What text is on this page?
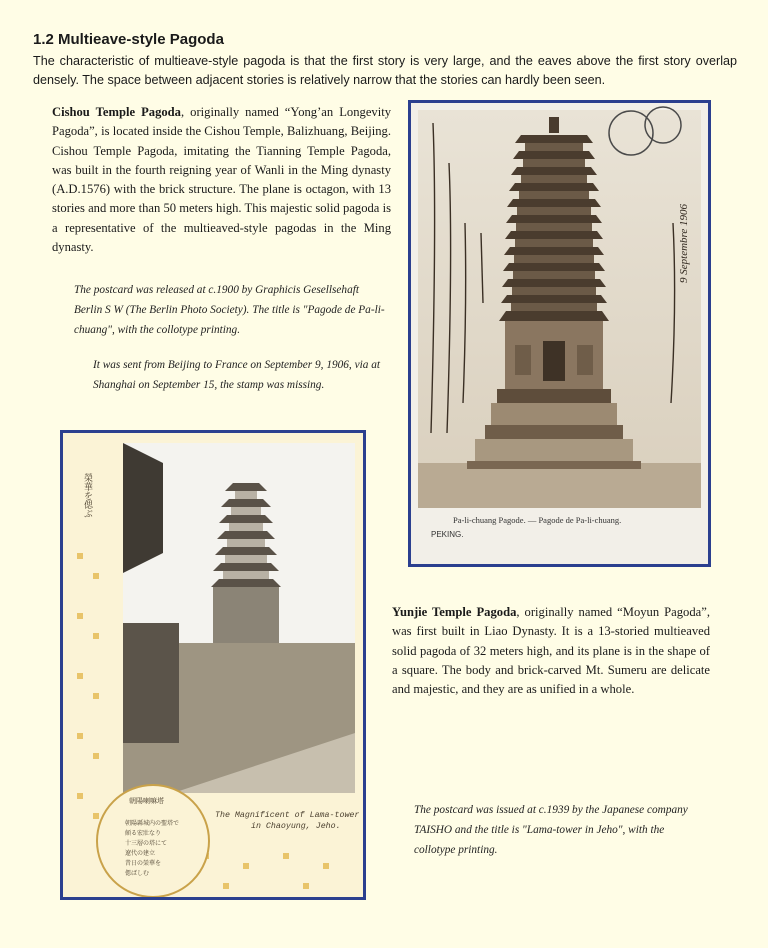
1.2 Multieave-style Pagoda

The characteristic of multieave-style pagoda is that the first story is very large, and the eaves above the first story overlap densely. The space between adjacent stories is relatively narrow that the stories can hardly been seen.

Cishou Temple Pagoda, originally named “Yong’an Longevity Pagoda”, is located inside the Cishou Temple, Balizhuang, Beijing. Cishou Temple Pagoda, imitating the Tianning Temple Pagoda, was built in the fourth reigning year of Wanli in the Ming dynasty (A.D.1576) with the brick structure. The plane is octagon, with 13 stories and more than 50 meters high. This majestic solid pagoda is a representative of the multieaved-style pagodas in the Ming dynasty.

The postcard was released at c.1900 by Graphicis Gesellsehaft Berlin S W (The Berlin Photo Society). The title is "Pagode de Pa-li-chuang", with the collotype printing.

It was sent from Beijing to France on September 9, 1906, via at Shanghai on September 15, the stamp was missing.

Pa-li-chuang Pagode. — Pagode de Pa-li-chuang.
PEKING.
9 Septembre 1906
The Magnificent of Lama-tower
in Chaoyung, Jeho.
朝陽喇嘛塔
朝陽縣城内の聖塔で
頗る宏壯なり
十三層の塔にて
遼代の建立
昔日の榮華を
偲ばしむ
榮華を偲ぶ

Yunjie Temple Pagoda, originally named “Moyun Pagoda”, was first built in Liao Dynasty. It is a 13-storied multieaved solid pagoda of 32 meters high, and its plane is in the shape of a square. The body and brick-carved Mt. Sumeru are delicate and majestic, and they are as unified in a whole.

The postcard was issued at c.1939 by the Japanese company TAISHO and the title is "Lama-tower in Jeho", with the collotype printing.
